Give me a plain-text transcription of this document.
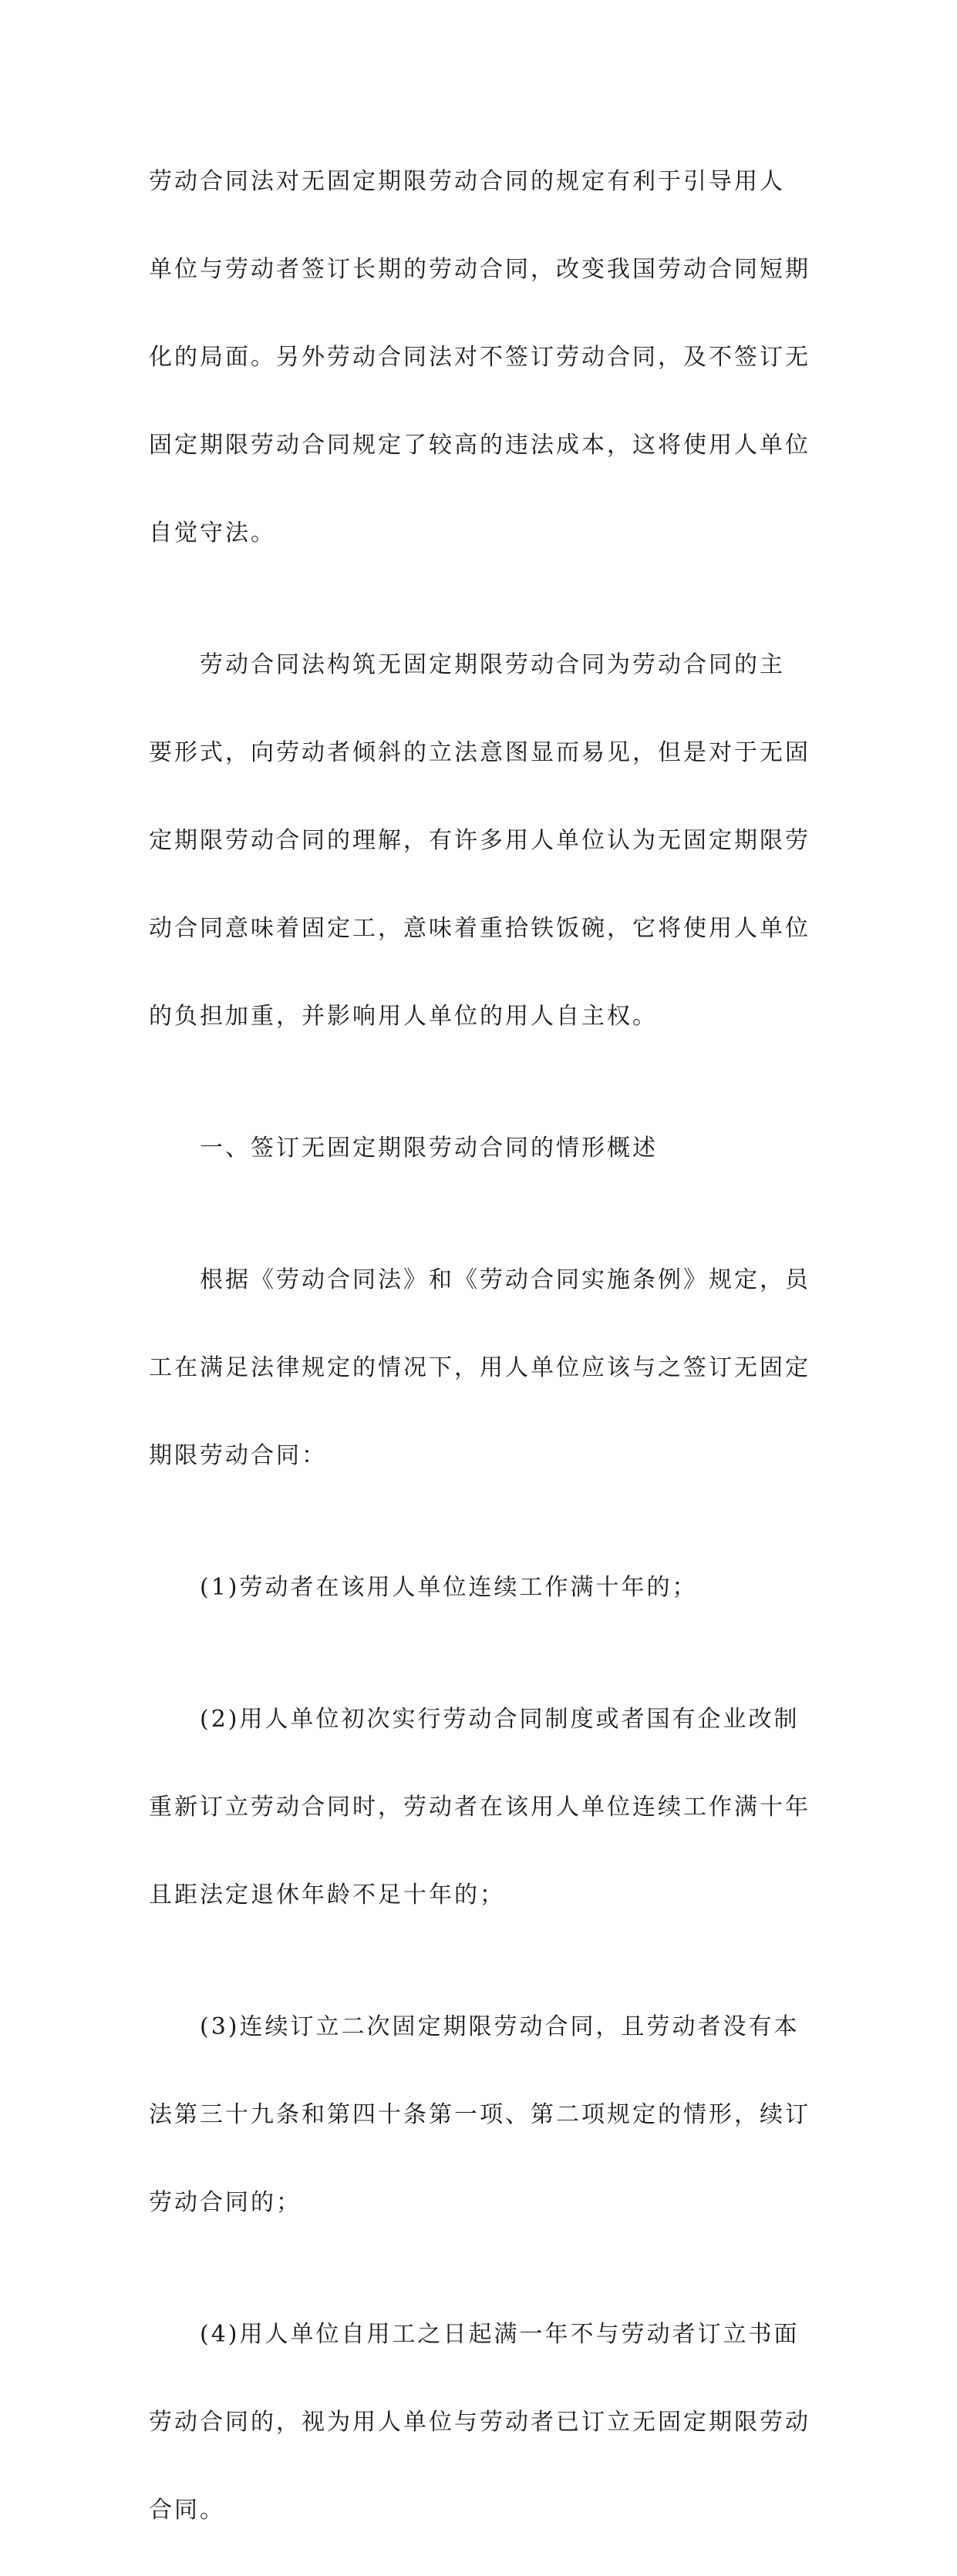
劳动合同法对无固定期限劳动合同的规定有利于引导用人

单位与劳动者签订长期的劳动合同，改变我国劳动合同短期

化的局面。另外劳动合同法对不签订劳动合同，及不签订无

固定期限劳动合同规定了较高的违法成本，这将使用人单位

自觉守法。

劳动合同法构筑无固定期限劳动合同为劳动合同的主

要形式，向劳动者倾斜的立法意图显而易见，但是对于无固

定期限劳动合同的理解，有许多用人单位认为无固定期限劳

动合同意味着固定工，意味着重拾铁饭碗，它将使用人单位

的负担加重，并影响用人单位的用人自主权。

一、签订无固定期限劳动合同的情形概述

根据《劳动合同法》和《劳动合同实施条例》规定，员

工在满足法律规定的情况下，用人单位应该与之签订无固定

期限劳动合同：

(1)劳动者在该用人单位连续工作满十年的；

(2)用人单位初次实行劳动合同制度或者国有企业改制

重新订立劳动合同时，劳动者在该用人单位连续工作满十年

且距法定退休年龄不足十年的；

(3)连续订立二次固定期限劳动合同，且劳动者没有本

法第三十九条和第四十条第一项、第二项规定的情形，续订

劳动合同的；

(4)用人单位自用工之日起满一年不与劳动者订立书面

劳动合同的，视为用人单位与劳动者已订立无固定期限劳动

合同。
